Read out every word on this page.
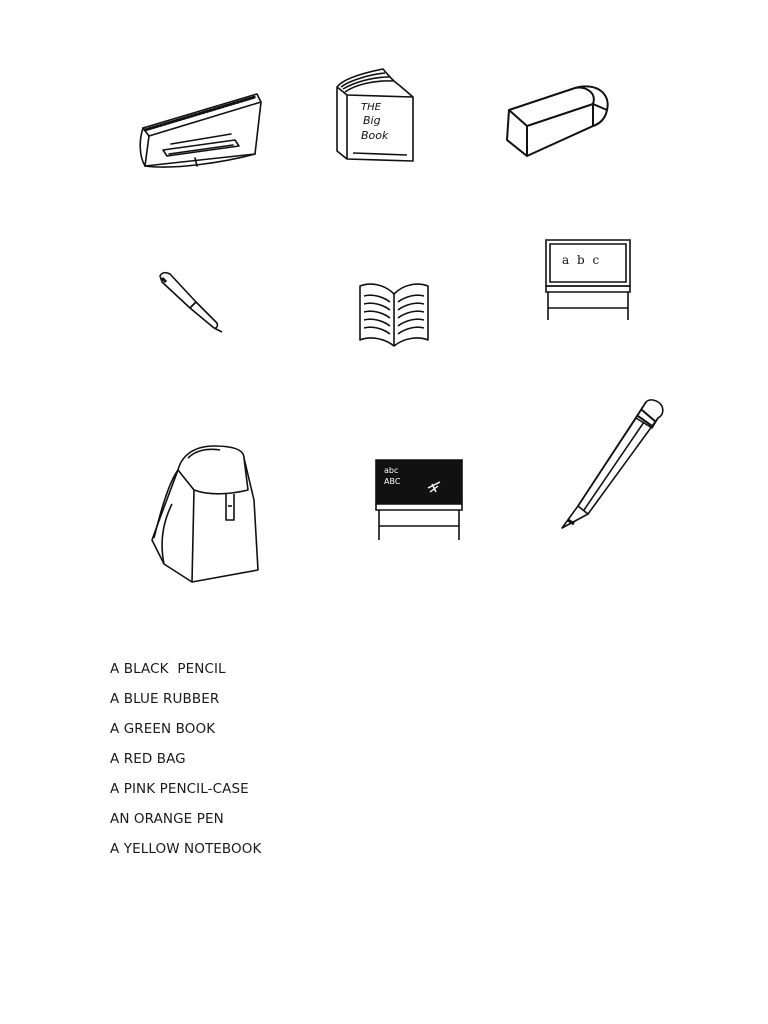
THE
Big
Book
a b c
abc
ABC
A BLACK  PENCIL
A BLUE RUBBER
A GREEN BOOK
A RED BAG
A PINK PENCIL-CASE
AN ORANGE PEN
A YELLOW NOTEBOOK
